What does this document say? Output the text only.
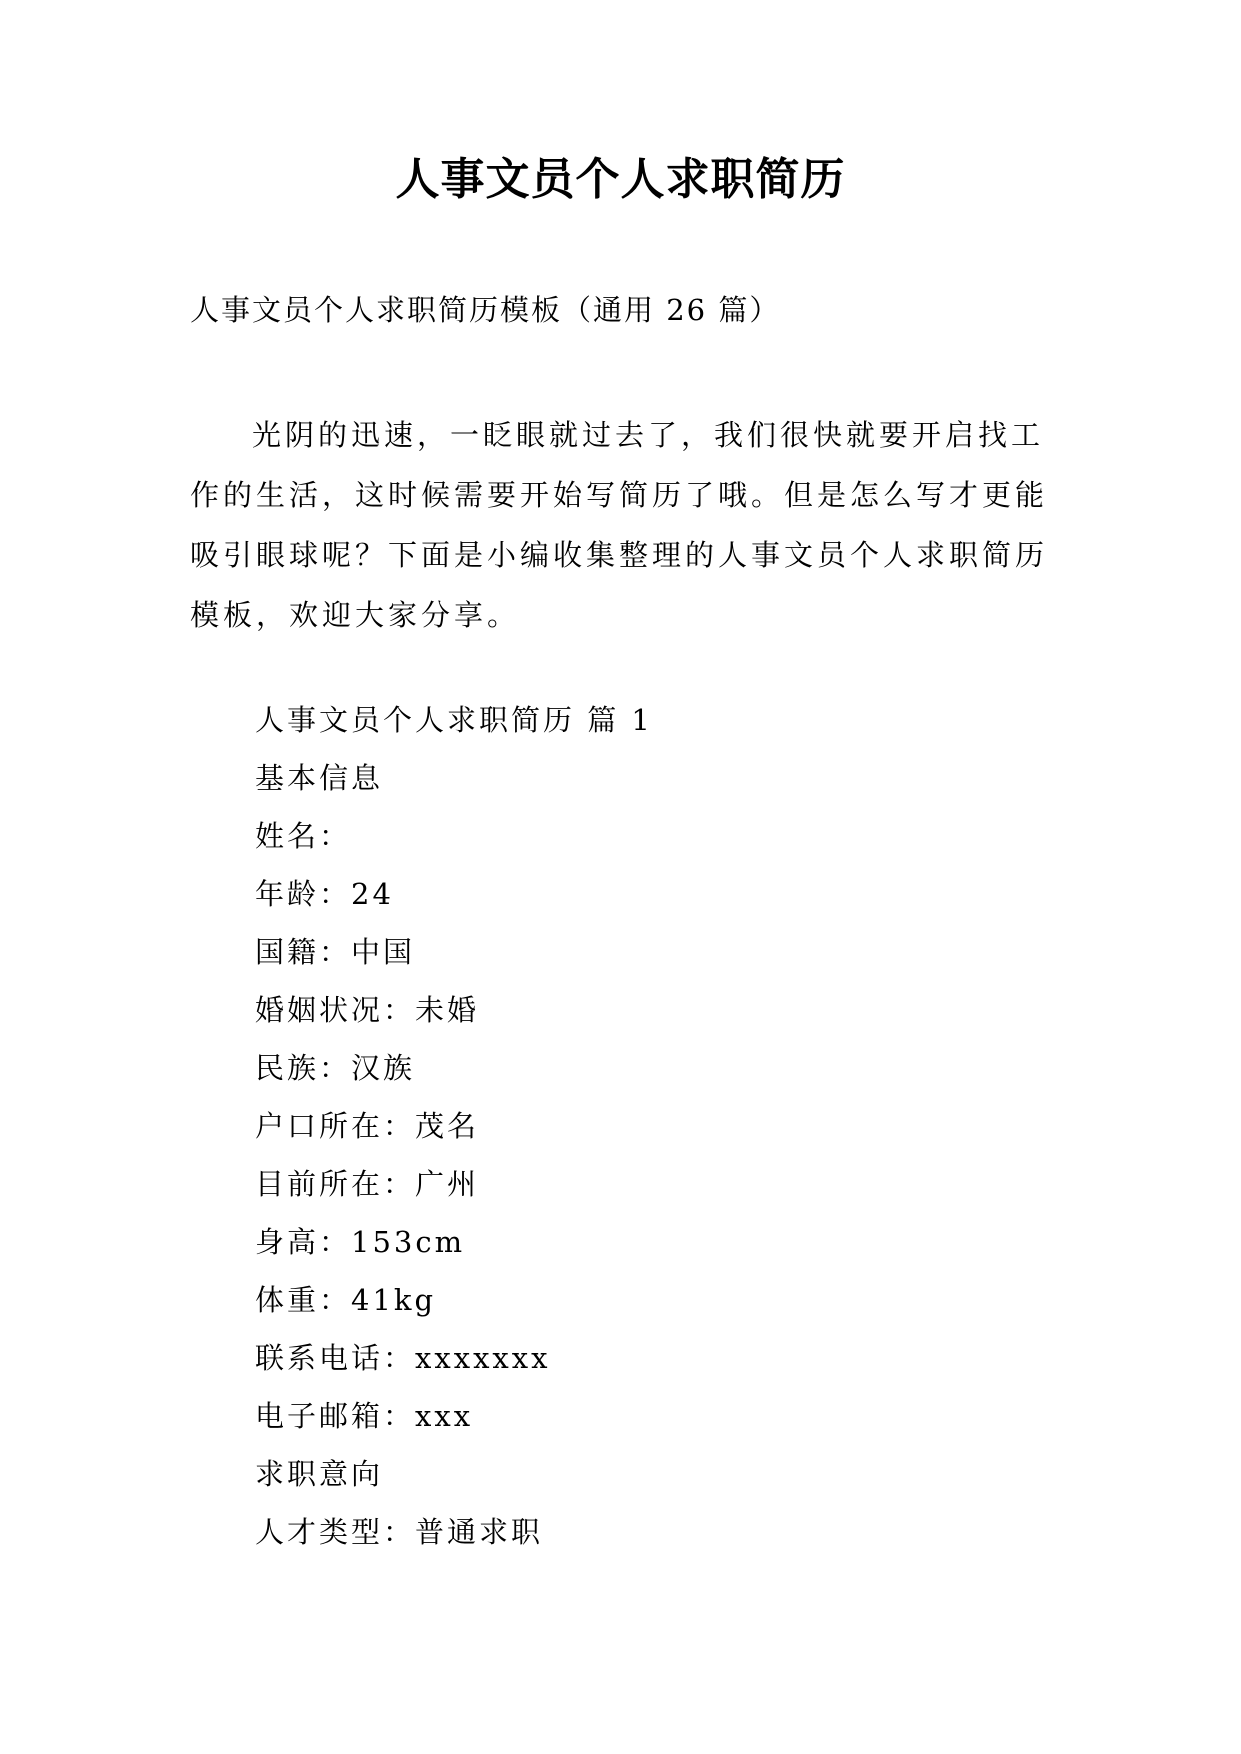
人事文员个人求职简历
人事文员个人求职简历模板（通用 26 篇）

光阴的迅速，一眨眼就过去了，我们很快就要开启找工作的生活，这时候需要开始写简历了哦。但是怎么写才更能吸引眼球呢？下面是小编收集整理的人事文员个人求职简历模板，欢迎大家分享。

人事文员个人求职简历 篇 1
基本信息
姓名：
年龄：24
国籍：中国
婚姻状况：未婚
民族：汉族
户口所在：茂名
目前所在：广州
身高：153cm
体重：41kg
联系电话：xxxxxxx
电子邮箱：xxx
求职意向
人才类型：普通求职
